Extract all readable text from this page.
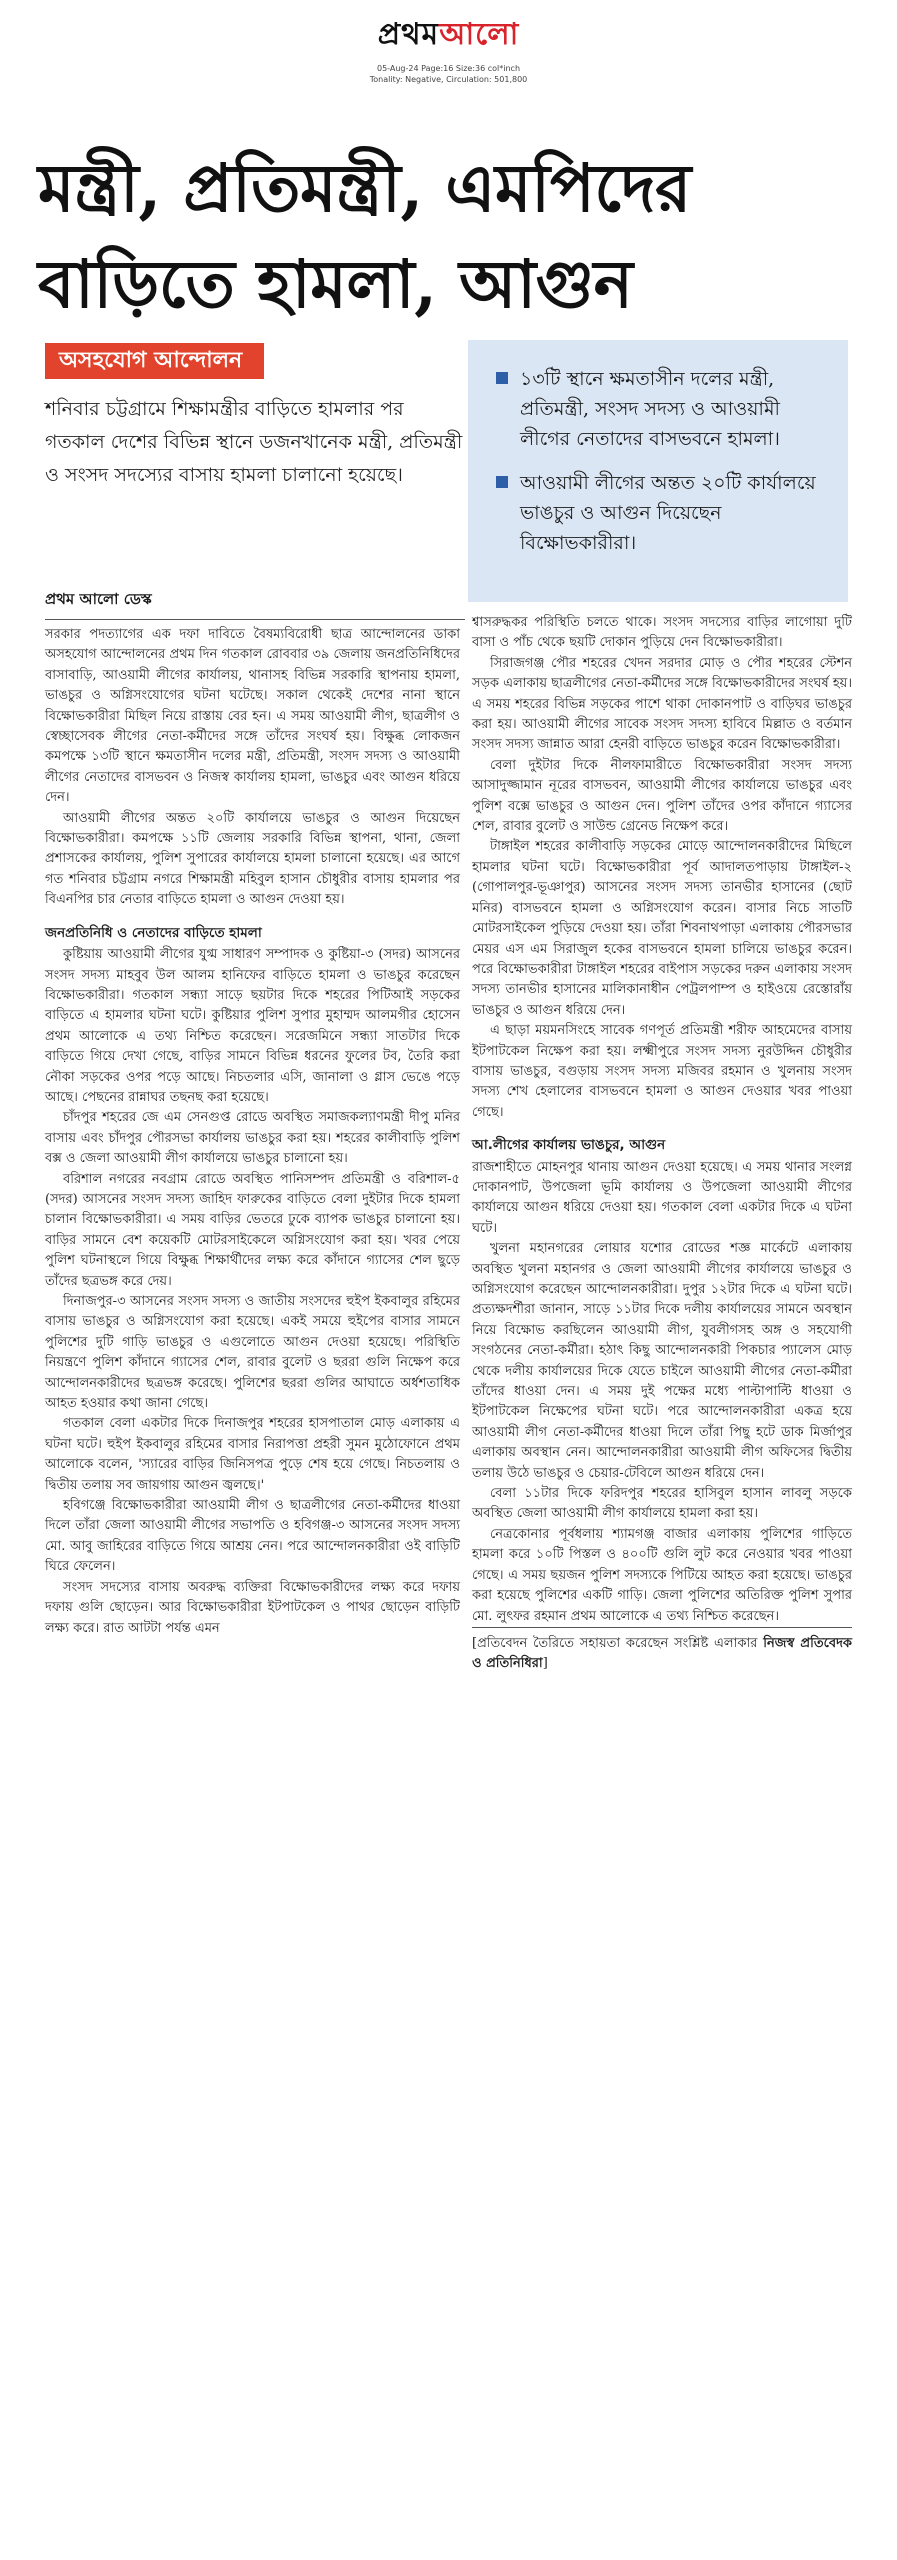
প্রথমআলো
05-Aug-24 Page:16 Size:36 col*inch
Tonality: Negative, Circulation: 501,800
মন্ত্রী, প্রতিমন্ত্রী, এমপিদের
বাড়িতে হামলা, আগুন
অসহযোগ আন্দোলন
শনিবার চট্টগ্রামে শিক্ষামন্ত্রীর বাড়িতে হামলার পর গতকাল দেশের বিভিন্ন স্থানে ডজনখানেক মন্ত্রী, প্রতিমন্ত্রী ও সংসদ সদস্যের বাসায় হামলা চালানো হয়েছে।
১৩টি স্থানে ক্ষমতাসীন দলের মন্ত্রী, প্রতিমন্ত্রী, সংসদ সদস্য ও আওয়ামী লীগের নেতাদের বাসভবনে হামলা।
আওয়ামী লীগের অন্তত ২০টি কার্যালয়ে ভাঙচুর ও আগুন দিয়েছেন বিক্ষোভকারীরা।
প্রথম আলো ডেস্ক

সরকার পদত্যাগের এক দফা দাবিতে বৈষম্যবিরোধী ছাত্র আন্দোলনের ডাকা অসহযোগ আন্দোলনের প্রথম দিন গতকাল রোববার ৩৯ জেলায় জনপ্রতিনিধিদের বাসাবাড়ি, আওয়ামী লীগের কার্যালয়, থানাসহ বিভিন্ন সরকারি স্থাপনায় হামলা, ভাঙচুর ও অগ্নিসংযোগের ঘটনা ঘটেছে। সকাল থেকেই দেশের নানা স্থানে বিক্ষোভকারীরা মিছিল নিয়ে রাস্তায় বের হন। এ সময় আওয়ামী লীগ, ছাত্রলীগ ও স্বেচ্ছাসেবক লীগের নেতা-কর্মীদের সঙ্গে তাঁদের সংঘর্ষ হয়। বিক্ষুব্ধ লোকজন কমপক্ষে ১৩টি স্থানে ক্ষমতাসীন দলের মন্ত্রী, প্রতিমন্ত্রী, সংসদ সদস্য ও আওয়ামী লীগের নেতাদের বাসভবন ও নিজস্ব কার্যালয় হামলা, ভাঙচুর এবং আগুন ধরিয়ে দেন।

আওয়ামী লীগের অন্তত ২০টি কার্যালয়ে ভাঙচুর ও আগুন দিয়েছেন বিক্ষোভকারীরা। কমপক্ষে ১১টি জেলায় সরকারি বিভিন্ন স্থাপনা, থানা, জেলা প্রশাসকের কার্যালয়, পুলিশ সুপারের কার্যালয়ে হামলা চালানো হয়েছে। এর আগে গত শনিবার চট্টগ্রাম নগরে শিক্ষামন্ত্রী মহিবুল হাসান চৌধুরীর বাসায় হামলার পর বিএনপির চার নেতার বাড়িতে হামলা ও আগুন দেওয়া হয়।

জনপ্রতিনিধি ও নেতাদের বাড়িতে হামলা

কুষ্টিয়ায় আওয়ামী লীগের যুগ্ম সাধারণ সম্পাদক ও কুষ্টিয়া-৩ (সদর) আসনের সংসদ সদস্য মাহবুব উল আলম হানিফের বাড়িতে হামলা ও ভাঙচুর করেছেন বিক্ষোভকারীরা। গতকাল সন্ধ্যা সাড়ে ছয়টার দিকে শহরের পিটিআই সড়কের বাড়িতে এ হামলার ঘটনা ঘটে। কুষ্টিয়ার পুলিশ সুপার মুহাম্মদ আলমগীর হোসেন প্রথম আলোকে এ তথ্য নিশ্চিত করেছেন। সরেজমিনে সন্ধ্যা সাতটার দিকে বাড়িতে গিয়ে দেখা গেছে, বাড়ির সামনে বিভিন্ন ধরনের ফুলের টব, তৈরি করা নৌকা সড়কের ওপর পড়ে আছে। নিচতলার এসি, জানালা ও গ্লাস ভেঙে পড়ে আছে। পেছনের রান্নাঘর তছনছ করা হয়েছে।

চাঁদপুর শহরের জে এম সেনগুপ্ত রোডে অবস্থিত সমাজকল্যাণমন্ত্রী দীপু মনির বাসায় এবং চাঁদপুর পৌরসভা কার্যালয় ভাঙচুর করা হয়। শহরের কালীবাড়ি পুলিশ বক্স ও জেলা আওয়ামী লীগ কার্যালয়ে ভাঙচুর চালানো হয়।

বরিশাল নগরের নবগ্রাম রোডে অবস্থিত পানিসম্পদ প্রতিমন্ত্রী ও বরিশাল-৫ (সদর) আসনের সংসদ সদস্য জাহিদ ফারুকের বাড়িতে বেলা দুইটার দিকে হামলা চালান বিক্ষোভকারীরা। এ সময় বাড়ির ভেতরে ঢুকে ব্যাপক ভাঙচুর চালানো হয়। বাড়ির সামনে বেশ কয়েকটি মোটরসাইকেলে অগ্নিসংযোগ করা হয়। খবর পেয়ে পুলিশ ঘটনাস্থলে গিয়ে বিক্ষুব্ধ শিক্ষার্থীদের লক্ষ্য করে কাঁদানে গ্যাসের শেল ছুড়ে তাঁদের ছত্রভঙ্গ করে দেয়।

দিনাজপুর-৩ আসনের সংসদ সদস্য ও জাতীয় সংসদের হুইপ ইকবালুর রহিমের বাসায় ভাঙচুর ও অগ্নিসংযোগ করা হয়েছে। একই সময়ে হুইপের বাসার সামনে পুলিশের দুটি গাড়ি ভাঙচুর ও এগুলোতে আগুন দেওয়া হয়েছে। পরিস্থিতি নিয়ন্ত্রণে পুলিশ কাঁদানে গ্যাসের শেল, রাবার বুলেট ও ছররা গুলি নিক্ষেপ করে আন্দোলনকারীদের ছত্রভঙ্গ করেছে। পুলিশের ছররা গুলির আঘাতে অর্ধশতাধিক আহত হওয়ার কথা জানা গেছে।

গতকাল বেলা একটার দিকে দিনাজপুর শহরের হাসপাতাল মোড় এলাকায় এ ঘটনা ঘটে। হুইপ ইকবালুর রহিমের বাসার নিরাপত্তা প্রহরী সুমন মুঠোফোনে প্রথম আলোকে বলেন, 'স্যারের বাড়ির জিনিসপত্র পুড়ে শেষ হয়ে গেছে। নিচতলায় ও দ্বিতীয় তলায় সব জায়গায় আগুন জ্বলছে।'

হবিগঞ্জে বিক্ষোভকারীরা আওয়ামী লীগ ও ছাত্রলীগের নেতা-কর্মীদের ধাওয়া দিলে তাঁরা জেলা আওয়ামী লীগের সভাপতি ও হবিগঞ্জ-৩ আসনের সংসদ সদস্য মো. আবু জাহিরের বাড়িতে গিয়ে আশ্রয় নেন। পরে আন্দোলনকারীরা ওই বাড়িটি ঘিরে ফেলেন।

সংসদ সদস্যের বাসায় অবরুদ্ধ ব্যক্তিরা বিক্ষোভকারীদের লক্ষ্য করে দফায় দফায় গুলি ছোড়েন। আর বিক্ষোভকারীরা ইটপাটকেল ও পাথর ছোড়েন বাড়িটি লক্ষ্য করে। রাত আটটা পর্যন্ত এমন

শ্বাসরুদ্ধকর পরিস্থিতি চলতে থাকে। সংসদ সদস্যের বাড়ির লাগোয়া দুটি বাসা ও পাঁচ থেকে ছয়টি দোকান পুড়িয়ে দেন বিক্ষোভকারীরা।

সিরাজগঞ্জ পৌর শহরের খেদন সরদার মোড় ও পৌর শহরের স্টেশন সড়ক এলাকায় ছাত্রলীগের নেতা-কর্মীদের সঙ্গে বিক্ষোভকারীদের সংঘর্ষ হয়। এ সময় শহরের বিভিন্ন সড়কের পাশে থাকা দোকানপাট ও বাড়িঘর ভাঙচুর করা হয়। আওয়ামী লীগের সাবেক সংসদ সদস্য হাবিবে মিল্লাত ও বর্তমান সংসদ সদস্য জান্নাত আরা হেনরী বাড়িতে ভাঙচুর করেন বিক্ষোভকারীরা।

বেলা দুইটার দিকে নীলফামারীতে বিক্ষোভকারীরা সংসদ সদস্য আসাদুজ্জামান নূরের বাসভবন, আওয়ামী লীগের কার্যালয়ে ভাঙচুর এবং পুলিশ বক্সে ভাঙচুর ও আগুন দেন। পুলিশ তাঁদের ওপর কাঁদানে গ্যাসের শেল, রাবার বুলেট ও সাউন্ড গ্রেনেড নিক্ষেপ করে।

টাঙ্গাইল শহরের কালীবাড়ি সড়কের মোড়ে আন্দোলনকারীদের মিছিলে হামলার ঘটনা ঘটে। বিক্ষোভকারীরা পূর্ব আদালতপাড়ায় টাঙ্গাইল-২ (গোপালপুর-ভূঞাপুর) আসনের সংসদ সদস্য তানভীর হাসানের (ছোট মনির) বাসভবনে হামলা ও অগ্নিসংযোগ করেন। বাসার নিচে সাতটি মোটরসাইকেল পুড়িয়ে দেওয়া হয়। তাঁরা শিবনাথপাড়া এলাকায় পৌরসভার মেয়র এস এম সিরাজুল হকের বাসভবনে হামলা চালিয়ে ভাঙচুর করেন। পরে বিক্ষোভকারীরা টাঙ্গাইল শহরের বাইপাস সড়কের দরুন এলাকায় সংসদ সদস্য তানভীর হাসানের মালিকানাধীন পেট্রলপাম্প ও হাইওয়ে রেস্তোরাঁয় ভাঙচুর ও আগুন ধরিয়ে দেন।

এ ছাড়া ময়মনসিংহে সাবেক গণপূর্ত প্রতিমন্ত্রী শরীফ আহমেদের বাসায় ইটপাটকেল নিক্ষেপ করা হয়। লক্ষ্মীপুরে সংসদ সদস্য নুরউদ্দিন চৌধুরীর বাসায় ভাঙচুর, বগুড়ায় সংসদ সদস্য মজিবর রহমান ও খুলনায় সংসদ সদস্য শেখ হেলালের বাসভবনে হামলা ও আগুন দেওয়ার খবর পাওয়া গেছে।

আ.লীগের কার্যালয় ভাঙচুর, আগুন

রাজশাহীতে মোহনপুর থানায় আগুন দেওয়া হয়েছে। এ সময় থানার সংলগ্ন দোকানপাট, উপজেলা ভূমি কার্যালয় ও উপজেলা আওয়ামী লীগের কার্যালয়ে আগুন ধরিয়ে দেওয়া হয়। গতকাল বেলা একটার দিকে এ ঘটনা ঘটে।

খুলনা মহানগরের লোয়ার যশোর রোডের শজ্ঞ মার্কেটে এলাকায় অবস্থিত খুলনা মহানগর ও জেলা আওয়ামী লীগের কার্যালয়ে ভাঙচুর ও অগ্নিসংযোগ করেছেন আন্দোলনকারীরা। দুপুর ১২টার দিকে এ ঘটনা ঘটে। প্রত্যক্ষদর্শীরা জানান, সাড়ে ১১টার দিকে দলীয় কার্যালয়ের সামনে অবস্থান নিয়ে বিক্ষোভ করছিলেন আওয়ামী লীগ, যুবলীগসহ অঙ্গ ও সহযোগী সংগঠনের নেতা-কর্মীরা। হঠাৎ কিছু আন্দোলনকারী পিকচার প্যালেস মোড় থেকে দলীয় কার্যালয়ের দিকে যেতে চাইলে আওয়ামী লীগের নেতা-কর্মীরা তাঁদের ধাওয়া দেন। এ সময় দুই পক্ষের মধ্যে পাল্টাপাল্টি ধাওয়া ও ইটপাটকেল নিক্ষেপের ঘটনা ঘটে। পরে আন্দোলনকারীরা একত্র হয়ে আওয়ামী লীগ নেতা-কর্মীদের ধাওয়া দিলে তাঁরা পিছু হটে ডাক মির্জাপুর এলাকায় অবস্থান নেন। আন্দোলনকারীরা আওয়ামী লীগ অফিসের দ্বিতীয় তলায় উঠে ভাঙচুর ও চেয়ার-টেবিলে আগুন ধরিয়ে দেন।

বেলা ১১টার দিকে ফরিদপুর শহরের হাসিবুল হাসান লাবলু সড়কে অবস্থিত জেলা আওয়ামী লীগ কার্যালয়ে হামলা করা হয়।

নেত্রকোনার পূর্বধলায় শ্যামগঞ্জ বাজার এলাকায় পুলিশের গাড়িতে হামলা করে ১০টি পিস্তল ও ৪০০টি গুলি লুট করে নেওয়ার খবর পাওয়া গেছে। এ সময় ছয়জন পুলিশ সদস্যকে পিটিয়ে আহত করা হয়েছে। ভাঙচুর করা হয়েছে পুলিশের একটি গাড়ি। জেলা পুলিশের অতিরিক্ত পুলিশ সুপার মো. লুৎফর রহমান প্রথম আলোকে এ তথ্য নিশ্চিত করেছেন।

[প্রতিবেদন তৈরিতে সহায়তা করেছেন সংশ্লিষ্ট এলাকার নিজস্ব প্রতিবেদক ও প্রতিনিধিরা]
